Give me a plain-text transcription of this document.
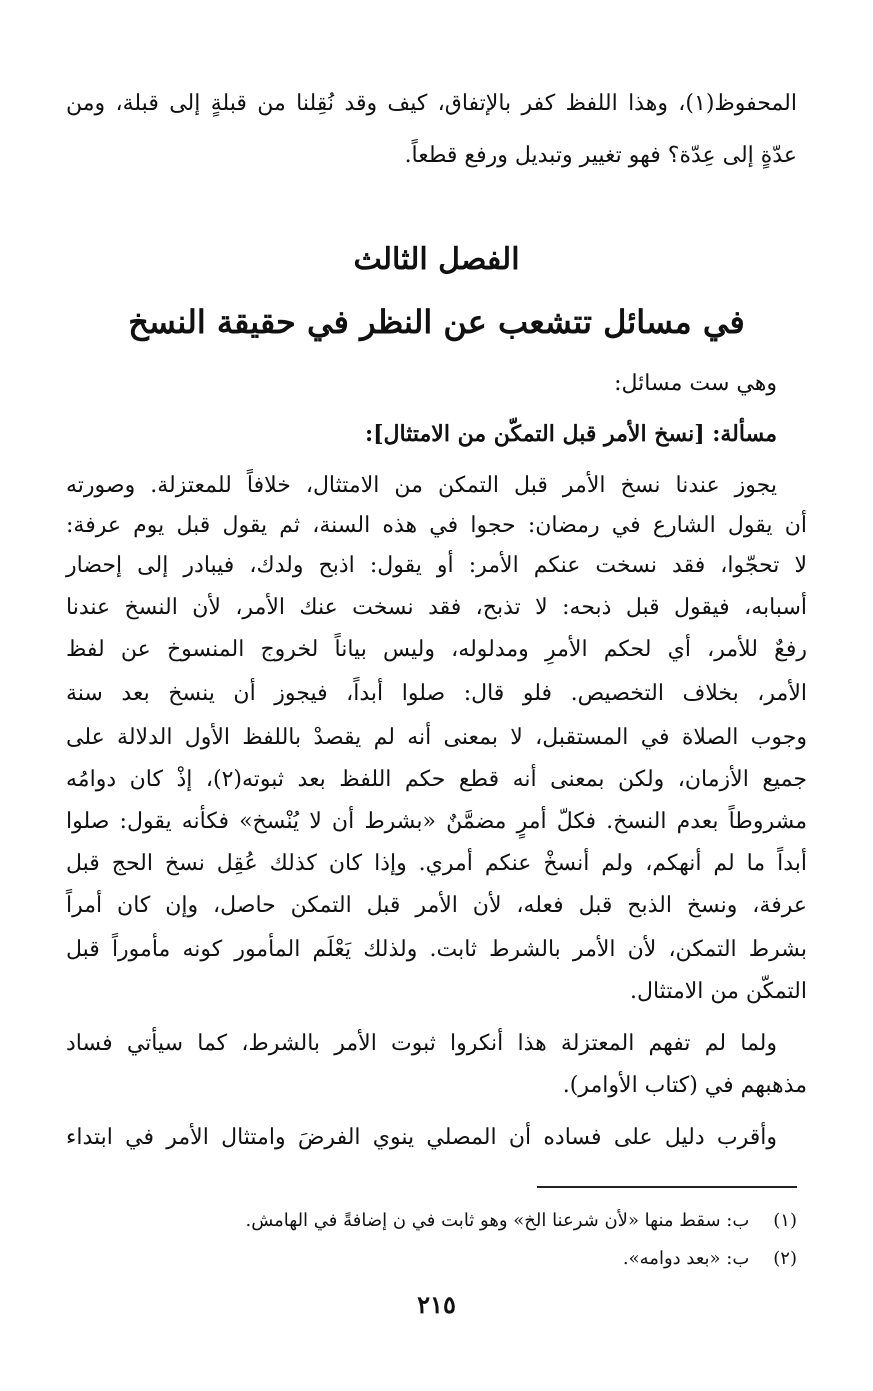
المحفوظ(١)، وهذا اللفظ كفر بالإتفاق، كيف وقد نُقِلنا من قبلةٍ إلى قبلة، ومن
عدّةٍ إلى عِدّة؟ فهو تغيير وتبديل ورفع قطعاً.
الفصل الثالث
في مسائل تتشعب عن النظر في حقيقة النسخ
وهي ست مسائل:
مسألة: [نسخ الأمر قبل التمكّن من الامتثال]:
يجوز عندنا نسخ الأمر قبل التمكن من الامتثال، خلافاً للمعتزلة. وصورته
أن يقول الشارع في رمضان: حجوا في هذه السنة، ثم يقول قبل يوم عرفة:
لا تحجّوا، فقد نسخت عنكم الأمر: أو يقول: اذبح ولدك، فيبادر إلى إحضار
أسبابه، فيقول قبل ذبحه: لا تذبح، فقد نسخت عنك الأمر، لأن النسخ عندنا
رفعٌ للأمر، أي لحكم الأمرِ ومدلوله، وليس بياناً لخروج المنسوخ عن لفظ
الأمر، بخلاف التخصيص. فلو قال: صلوا أبداً، فيجوز أن ينسخ بعد سنة
وجوب الصلاة في المستقبل، لا بمعنى أنه لم يقصدْ باللفظ الأول الدلالة على
جميع الأزمان، ولكن بمعنى أنه قطع حكم اللفظ بعد ثبوته(٢)، إذْ كان دوامُه
مشروطاً بعدم النسخ. فكلّ أمرٍ مضمَّنٌ «بشرط أن لا يُنْسخ» فكأنه يقول: صلوا
أبداً ما لم أنهكم، ولم أنسخْ عنكم أمري. وإذا كان كذلك عُقِل نسخ الحج قبل
عرفة، ونسخ الذبح قبل فعله، لأن الأمر قبل التمكن حاصل، وإن كان أمراً
بشرط التمكن، لأن الأمر بالشرط ثابت. ولذلك يَعْلَم المأمور كونه مأموراً قبل
التمكّن من الامتثال.
ولما لم تفهم المعتزلة هذا أنكروا ثبوت الأمر بالشرط، كما سيأتي فساد
مذهبهم في (كتاب الأوامر).
وأقرب دليل على فساده أن المصلي ينوي الفرضَ وامتثال الأمر في ابتداء
(١) ب: سقط منها «لأن شرعنا الخ» وهو ثابت في ن إضافةً في الهامش.
(٢) ب: «بعد دوامه».
٢١٥
